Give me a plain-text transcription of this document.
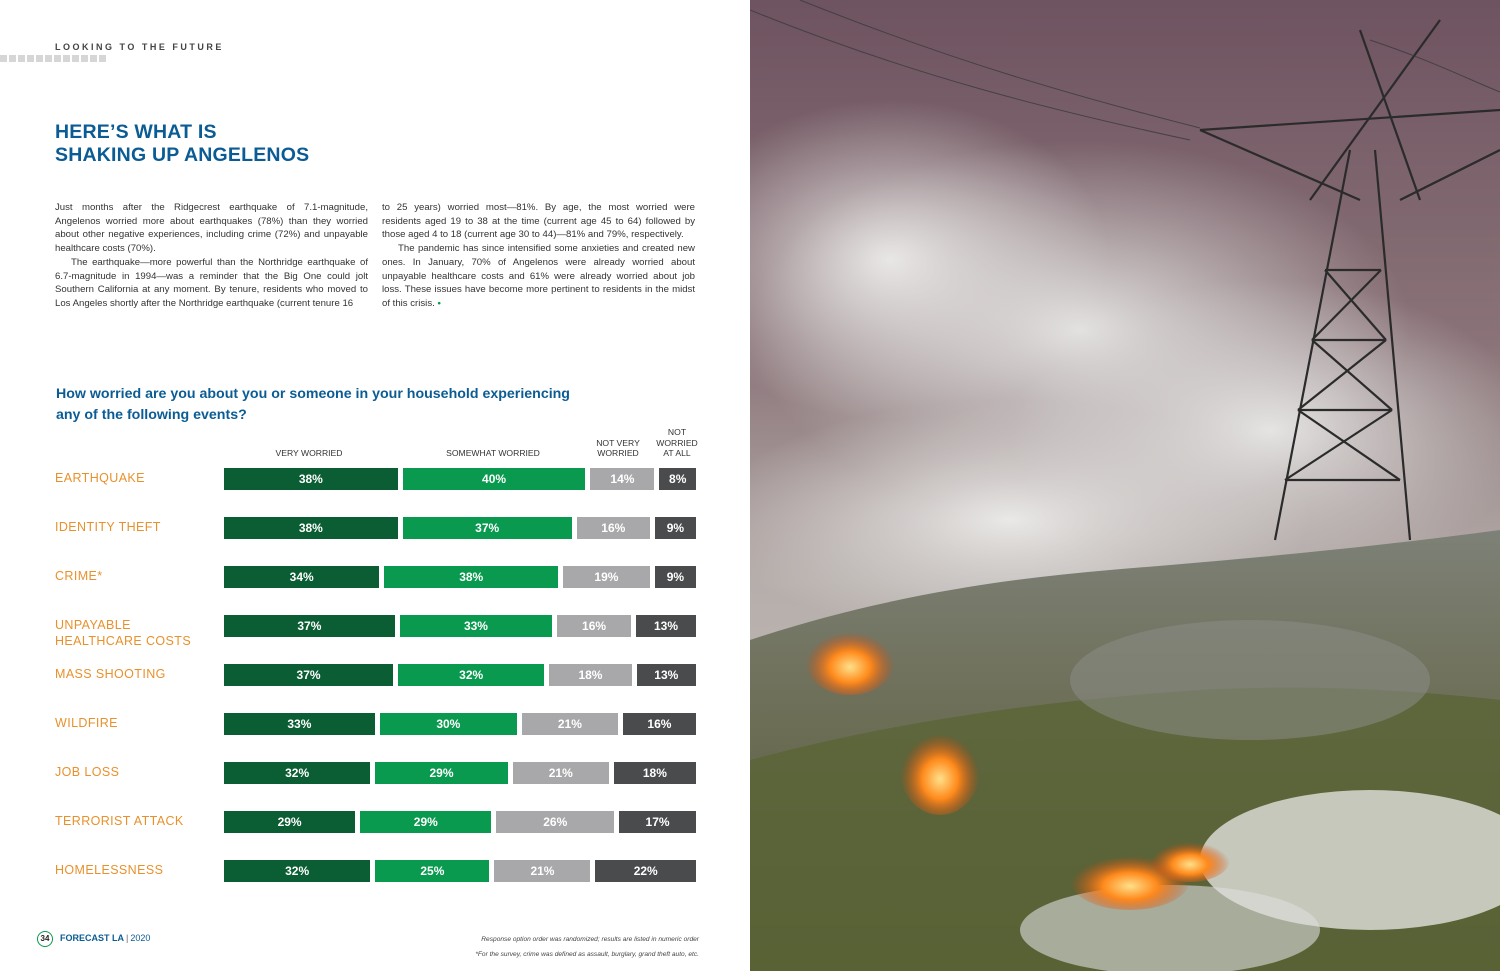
LOOKING TO THE FUTURE
HERE’S WHAT IS
SHAKING UP ANGELENOS

Just months after the Ridgecrest earthquake of 7.1-magnitude, Angelenos worried more about earthquakes (78%) than they worried about other negative experiences, including crime (72%) and unpayable healthcare costs (70%).

The earthquake—more powerful than the Northridge earthquake of 6.7-magnitude in 1994—was a reminder that the Big One could jolt Southern California at any moment. By tenure, residents who moved to Los Angeles shortly after the Northridge earthquake (current tenure 16

to 25 years) worried most—81%. By age, the most worried were residents aged 19 to 38 at the time (current age 45 to 64) followed by those aged 4 to 18 (current age 30 to 44)—81% and 79%, respectively.

The pandemic has since intensified some anxieties and created new ones. In January, 70% of Angelenos were already worried about unpayable healthcare costs and 61% were already worried about job loss. These issues have become more pertinent to residents in the midst of this crisis. •

How worried are you about you or someone in your household experiencing
any of the following events?
VERY WORRIED	SOMEWHAT WORRIED
NOT VERY
WORRIED
NOT
WORRIED
AT ALL
EARTHQUAKE	38%	40%	14%	8%
IDENTITY THEFT	38%	37%	16%	9%
CRIME*	34%	38%	19%	9%
UNPAYABLE
HEALTHCARE COSTS
37%	33%	16%	13%
MASS SHOOTING	37%	32%	18%	13%
WILDFIRE	33%	30%	21%	16%
JOB LOSS	32%	29%	21%	18%
TERRORIST ATTACK	29%	29%	26%	17%
HOMELESSNESS	32%	25%	21%	22%
34	FORECAST LA | 2020	Response option order was randomized; results are listed in numeric order
*For the survey, crime was defined as assault, burglary, grand theft auto, etc.
